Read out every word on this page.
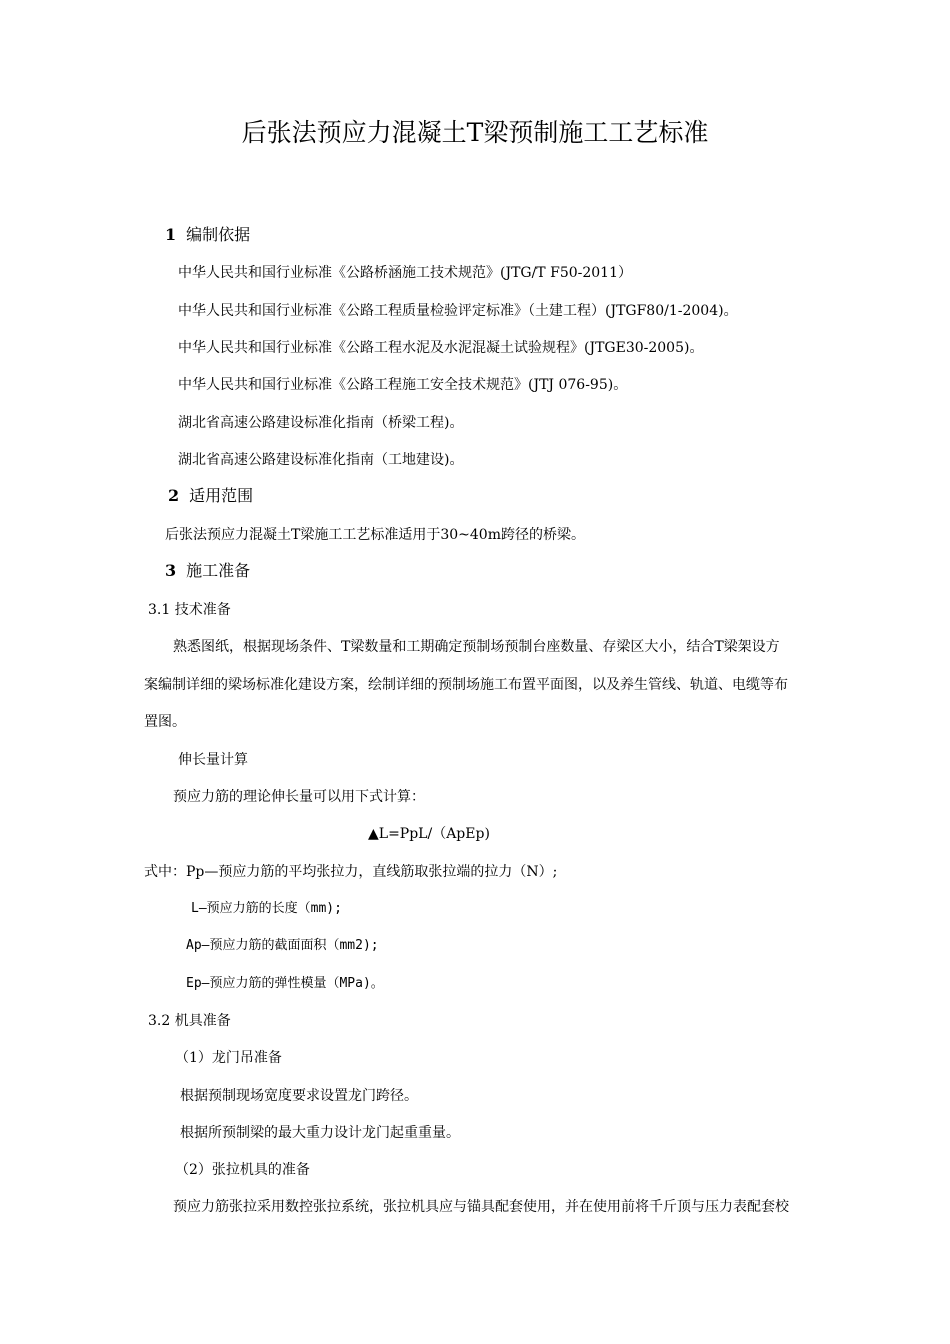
后张法预应力混凝土T梁预制施工工艺标准
1 编制依据
中华人民共和国行业标准《公路桥涵施工技术规范》(JTG/T F50-2011）
中华人民共和国行业标准《公路工程质量检验评定标准》（土建工程）(JTGF80/1-2004)。
中华人民共和国行业标准《公路工程水泥及水泥混凝土试验规程》(JTGE30-2005)。
中华人民共和国行业标准《公路工程施工安全技术规范》(JTJ 076-95)。
湖北省高速公路建设标准化指南（桥梁工程)。
湖北省高速公路建设标准化指南（工地建设)。
2 适用范围
后张法预应力混凝土T梁施工工艺标准适用于30~40m跨径的桥梁。
3 施工准备
3.1 技术准备
熟悉图纸，根据现场条件、T梁数量和工期确定预制场预制台座数量、存梁区大小，结合T梁架设方
案编制详细的梁场标准化建设方案，绘制详细的预制场施工布置平面图，以及养生管线、轨道、电缆等布
置图。
伸长量计算
预应力筋的理论伸长量可以用下式计算：
▲L=PpL/（ApEp)
式中：Pp—预应力筋的平均张拉力，直线筋取张拉端的拉力（N）;
L—预应力筋的长度（mm);
Ap—预应力筋的截面面积（mm2);
Ep—预应力筋的弹性模量（MPa)。
3.2 机具准备
（1）龙门吊准备
根据预制现场宽度要求设置龙门跨径。
根据所预制梁的最大重力设计龙门起重重量。
（2）张拉机具的准备
预应力筋张拉采用数控张拉系统，张拉机具应与锚具配套使用，并在使用前将千斤顶与压力表配套校
